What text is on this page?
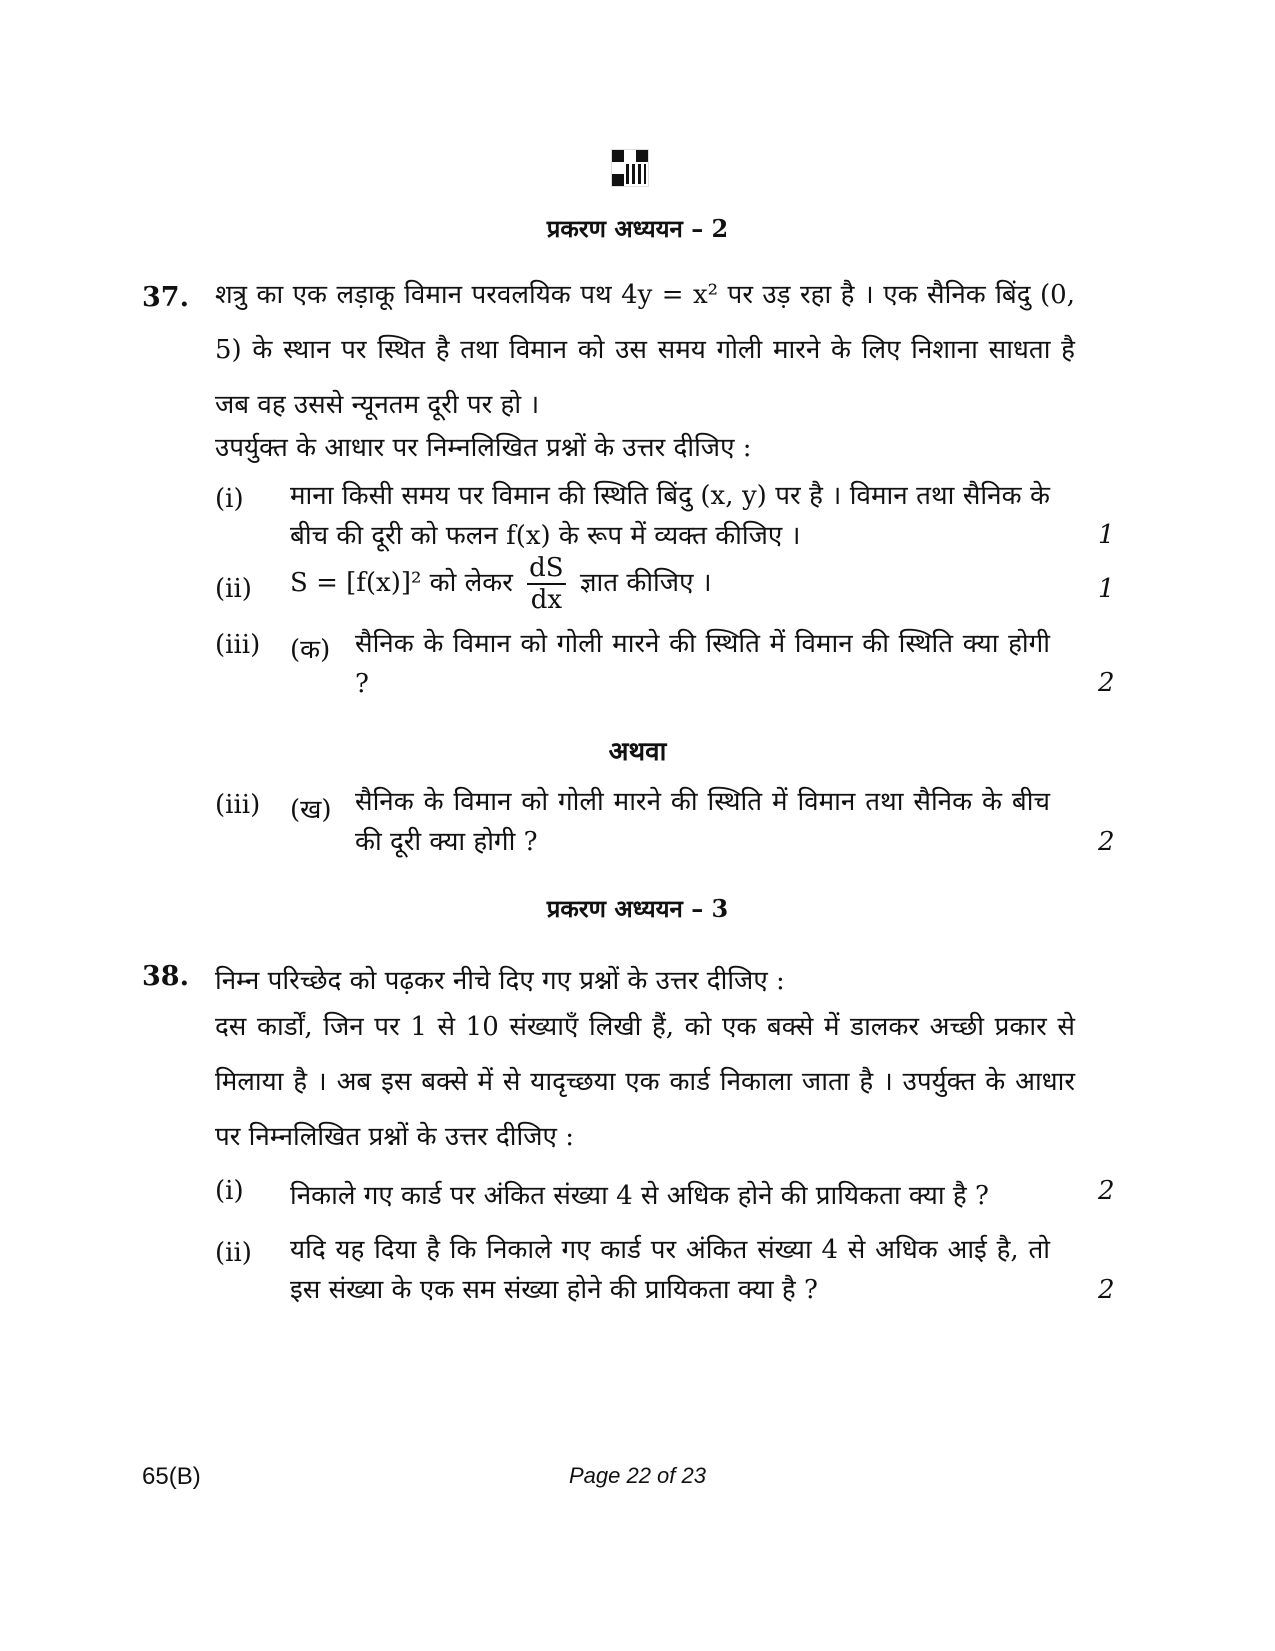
प्रकरण अध्ययन – 2
37. शत्रु का एक लड़ाकू विमान परवलयिक पथ 4y = x² पर उड़ रहा है । एक सैनिक बिंदु (0, 5) के स्थान पर स्थित है तथा विमान को उस समय गोली मारने के लिए निशाना साधता है जब वह उससे न्यूनतम दूरी पर हो ।
उपर्युक्त के आधार पर निम्नलिखित प्रश्नों के उत्तर दीजिए :
(i) माना किसी समय पर विमान की स्थिति बिंदु (x, y) पर है । विमान तथा सैनिक के बीच की दूरी को फलन f(x) के रूप में व्यक्त कीजिए ।	1
(ii) S = [f(x)]² को लेकर $\frac{dS}{dx}$ ज्ञात कीजिए ।	1
(iii) (क) सैनिक के विमान को गोली मारने की स्थिति में विमान की स्थिति क्या होगी ?	2
अथवा
(iii) (ख) सैनिक के विमान को गोली मारने की स्थिति में विमान तथा सैनिक के बीच की दूरी क्या होगी ?	2
प्रकरण अध्ययन – 3
38. निम्न परिच्छेद को पढ़कर नीचे दिए गए प्रश्नों के उत्तर दीजिए :
दस कार्डों, जिन पर 1 से 10 संख्याएँ लिखी हैं, को एक बक्से में डालकर अच्छी प्रकार से मिलाया है । अब इस बक्से में से यादृच्छया एक कार्ड निकाला जाता है । उपर्युक्त के आधार पर निम्नलिखित प्रश्नों के उत्तर दीजिए :
(i) निकाले गए कार्ड पर अंकित संख्या 4 से अधिक होने की प्रायिकता क्या है ?	2
(ii) यदि यह दिया है कि निकाले गए कार्ड पर अंकित संख्या 4 से अधिक आई है, तो इस संख्या के एक सम संख्या होने की प्रायिकता क्या है ?	2
65(B)	Page 22 of 23
